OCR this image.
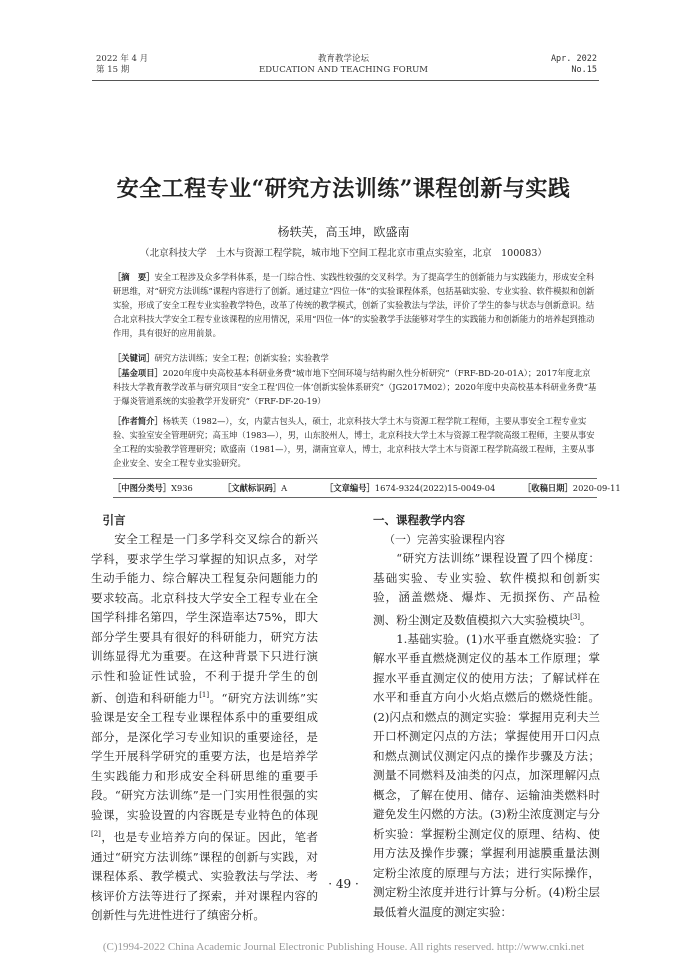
2022 年 4 月
第 15 期
教育教学论坛
EDUCATION AND TEACHING FORUM
Apr. 2022
No.15
安全工程专业“研究方法训练”课程创新与实践
杨轶芙，高玉坤，欧盛南
（北京科技大学　土木与资源工程学院，城市地下空间工程北京市重点实验室，北京　100083）
［摘　要］安全工程涉及众多学科体系，是一门综合性、实践性较强的交叉科学。为了提高学生的创新能力与实践能力，形成安全科研思维，对“研究方法训练”课程内容进行了创新。通过建立“四位一体”的实验课程体系，包括基础实验、专业实验、软件模拟和创新实验，形成了安全工程专业实验教学特色，改革了传统的教学模式，创新了实验教法与学法，评价了学生的参与状态与创新意识。结合北京科技大学安全工程专业该课程的应用情况，采用“四位一体”的实验教学手法能够对学生的实践能力和创新能力的培养起到推动作用，具有很好的应用前景。
［关键词］研究方法训练；安全工程；创新实验；实验教学
［基金项目］2020年度中央高校基本科研业务费“城市地下空间环境与结构耐久性分析研究”（FRF-BD-20-01A）；2017年度北京科技大学教育教学改革与研究项目“安全工程‘四位一体’创新实验体系研究”（JG2017M02）；2020年度中央高校基本科研业务费“基于爆炎管道系统的实验教学开发研究”（FRF-DF-20-19）
［作者简介］杨轶芙（1982—），女，内蒙古包头人，硕士，北京科技大学土木与资源工程学院工程师，主要从事安全工程专业实验、实验室安全管理研究；高玉坤（1983—），男，山东胶州人，博士，北京科技大学土木与资源工程学院高级工程师，主要从事安全工程的实验教学管理研究；欧盛南（1981—），男，湖南宜章人，博士，北京科技大学土木与资源工程学院高级工程师，主要从事企业安全、安全工程专业实验研究。
［中图分类号］X936	［文献标识码］A	［文章编号］1674-9324(2022)15-0049-04	［收稿日期］2020-09-11
引言

安全工程是一门多学科交叉综合的新兴学科，要求学生学习掌握的知识点多，对学生动手能力、综合解决工程复杂问题能力的要求较高。北京科技大学安全工程专业在全国学科排名第四，学生深造率达75%，即大部分学生要具有很好的科研能力，研究方法训练显得尤为重要。在这种背景下只进行演示性和验证性试验，不利于提升学生的创新、创造和科研能力[1]。“研究方法训练”实验课是安全工程专业课程体系中的重要组成部分，是深化学习专业知识的重要途径，是学生开展科学研究的重要方法，也是培养学生实践能力和形成安全科研思维的重要手段。“研究方法训练”是一门实用性很强的实验课，实验设置的内容既是专业特色的体现[2]，也是专业培养方向的保证。因此，笔者通过“研究方法训练”课程的创新与实践，对课程体系、教学模式、实验教法与学法、考核评价方法等进行了探索，并对课程内容的创新性与先进性进行了缜密分析。

一、课程教学内容
（一）完善实验课程内容

“研究方法训练”课程设置了四个梯度：基础实验、专业实验、软件模拟和创新实验，涵盖燃烧、爆炸、无损探伤、产品检测、粉尘测定及数值模拟六大实验模块[3]。

1.基础实验。(1)水平垂直燃烧实验：了解水平垂直燃烧测定仪的基本工作原理；掌握水平垂直测定仪的使用方法；了解试样在水平和垂直方向小火焰点燃后的燃烧性能。(2)闪点和燃点的测定实验：掌握用克利夫兰开口杯测定闪点的方法；掌握使用开口闪点和燃点测试仪测定闪点的操作步骤及方法；测量不同燃料及油类的闪点，加深理解闪点概念，了解在使用、储存、运输油类燃料时避免发生闪燃的方法。(3)粉尘浓度测定与分析实验：掌握粉尘测定仪的原理、结构、使用方法及操作步骤；掌握利用滤膜重量法测定粉尘浓度的原理与方法；进行实际操作，测定粉尘浓度并进行计算与分析。(4)粉尘层最低着火温度的测定实验：

· 49 ·
(C)1994-2022 China Academic Journal Electronic Publishing House. All rights reserved. http://www.cnki.net
